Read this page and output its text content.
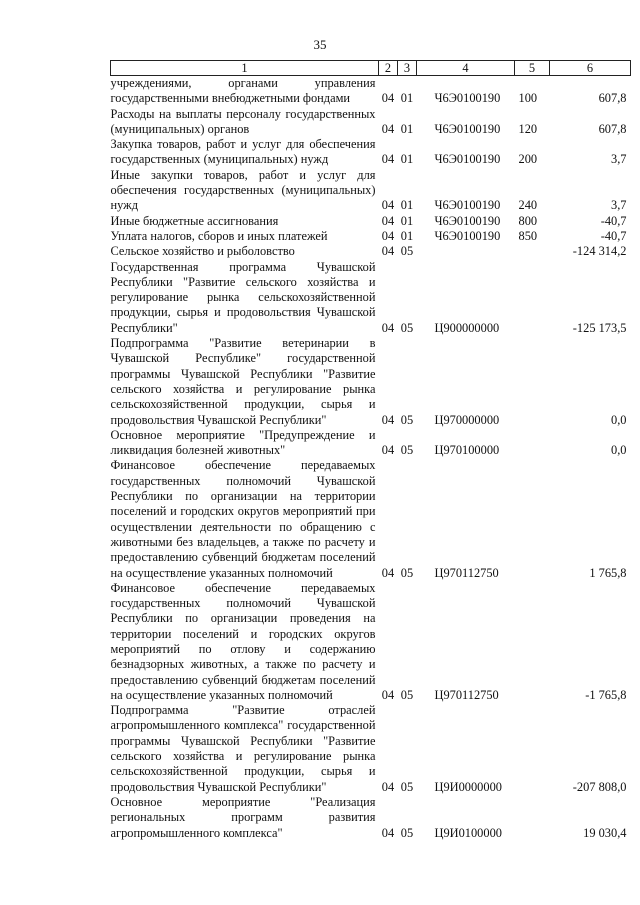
35
1	2	3	4	5	6
учреждениями, органами управления государственными внебюджетными фондами	04	01	Ч6Э0100190	100	607,8
Расходы на выплаты персоналу государственных (муниципальных) органов	04	01	Ч6Э0100190	120	607,8
Закупка товаров, работ и услуг для обеспечения государственных (муниципальных) нужд	04	01	Ч6Э0100190	200	3,7
Иные закупки товаров, работ и услуг для обеспечения государственных (муниципальных) нужд	04	01	Ч6Э0100190	240	3,7
Иные бюджетные ассигнования	04	01	Ч6Э0100190	800	-40,7
Уплата налогов, сборов и иных платежей	04	01	Ч6Э0100190	850	-40,7
Сельское хозяйство и рыболовство	04	05			-124 314,2
Государственная программа Чувашской Республики "Развитие сельского хозяйства и регулирование рынка сельскохозяйственной продукции, сырья и продовольствия Чувашской Республики"	04	05	Ц900000000		-125 173,5
Подпрограмма "Развитие ветеринарии в Чувашской Республике" государственной программы Чувашской Республики "Развитие сельского хозяйства и регулирование рынка сельскохозяйственной продукции, сырья и продовольствия Чувашской Республики"	04	05	Ц970000000		0,0
Основное мероприятие "Предупреждение и ликвидация болезней животных"	04	05	Ц970100000		0,0
Финансовое обеспечение передаваемых государственных полномочий Чувашской Республики по организации на территории поселений и городских округов мероприятий при осуществлении деятельности по обращению с животными без владельцев, а также по расчету и предоставлению субвенций бюджетам поселений на осуществление указанных полномочий	04	05	Ц970112750		1 765,8
Финансовое обеспечение передаваемых государственных полномочий Чувашской Республики по организации проведения на территории поселений и городских округов мероприятий по отлову и содержанию безнадзорных животных, а также по расчету и предоставлению субвенций бюджетам поселений на осуществление указанных полномочий	04	05	Ц970112750		-1 765,8
Подпрограмма "Развитие отраслей агропромышленного комплекса" государственной программы Чувашской Республики "Развитие сельского хозяйства и регулирование рынка сельскохозяйственной продукции, сырья и продовольствия Чувашской Республики"	04	05	Ц9И0000000		-207 808,0
Основное мероприятие "Реализация региональных программ развития агропромышленного комплекса"	04	05	Ц9И0100000		19 030,4
